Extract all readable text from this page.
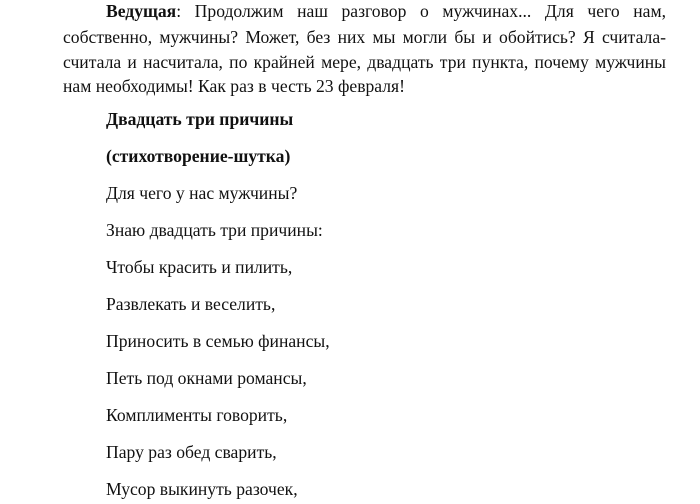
Ведущая: Продолжим наш разговор о мужчинах... Для чего нам,
собственно, мужчины? Может, без них мы могли бы и обойтись? Я считала-
считала и насчитала, по крайней мере, двадцать три пункта, почему мужчины
нам необходимы! Как раз в честь 23 февраля!
Двадцать три причины
(стихотворение-шутка)
Для чего у нас мужчины?
Знаю двадцать три причины:
Чтобы красить и пилить,
Развлекать и веселить,
Приносить в семью финансы,
Петь под окнами романсы,
Комплименты говорить,
Пару раз обед сварить,
Мусор выкинуть разочек,
